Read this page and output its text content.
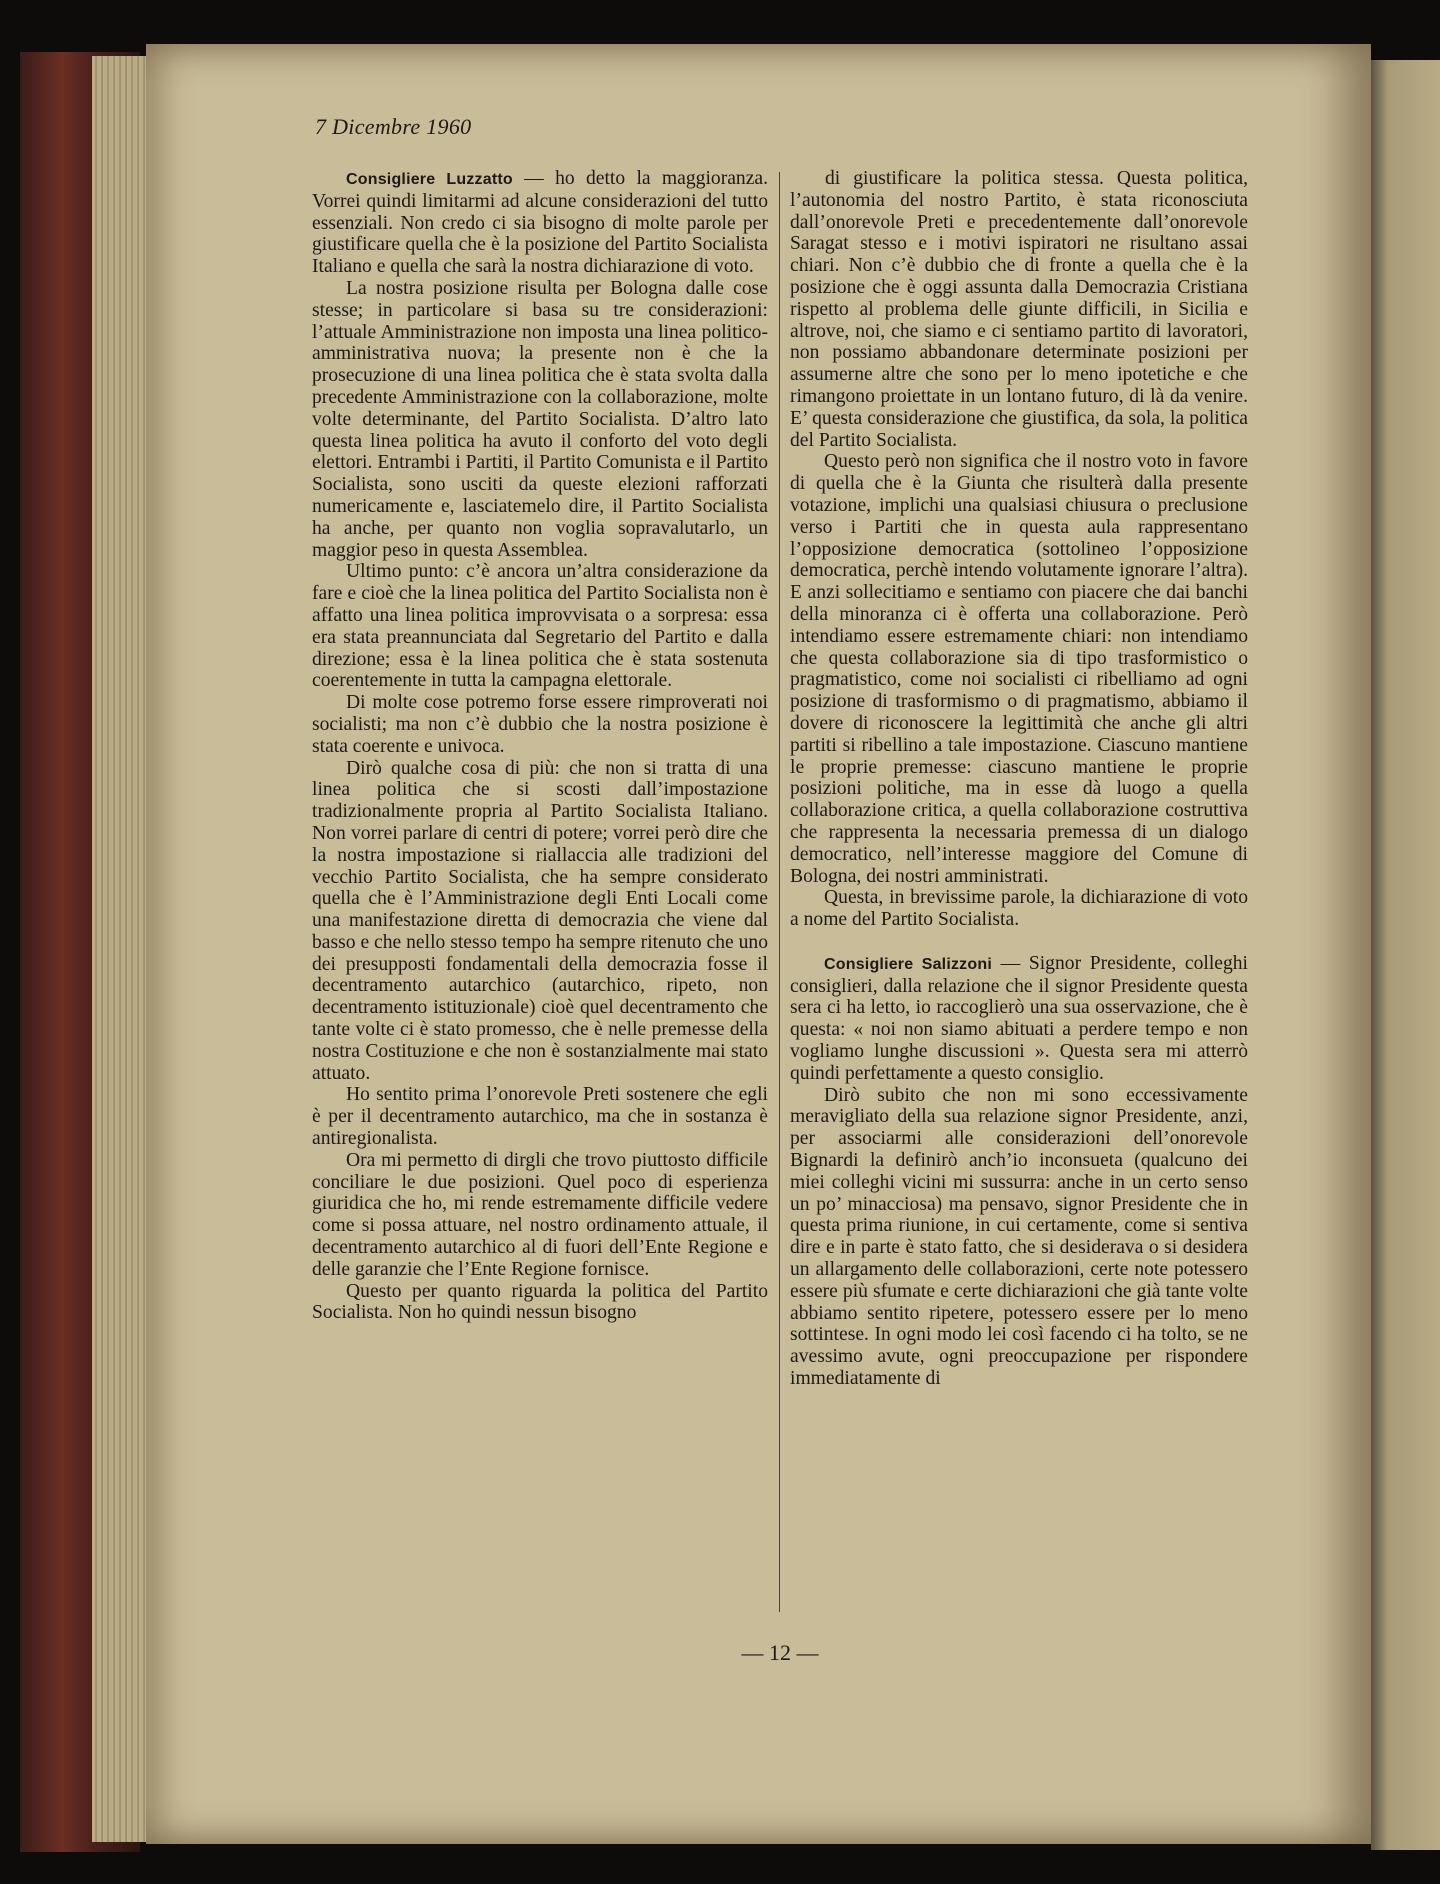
7 Dicembre 1960

Consigliere Luzzatto — ho detto la maggioranza. Vorrei quindi limitarmi ad alcune considerazioni del tutto essenziali. Non credo ci sia bisogno di molte parole per giustificare quella che è la posizione del Partito Socialista Italiano e quella che sarà la nostra dichiarazione di voto.

La nostra posizione risulta per Bologna dalle cose stesse; in particolare si basa su tre considerazioni: l’attuale Amministrazione non imposta una linea politico-amministrativa nuova; la presente non è che la prosecuzione di una linea politica che è stata svolta dalla precedente Amministrazione con la collaborazione, molte volte determinante, del Partito Socialista. D’altro lato questa linea politica ha avuto il conforto del voto degli elettori. Entrambi i Partiti, il Partito Comunista e il Partito Socialista, sono usciti da queste elezioni rafforzati numericamente e, lasciatemelo dire, il Partito Socialista ha anche, per quanto non voglia sopravalutarlo, un maggior peso in questa Assemblea.

Ultimo punto: c’è ancora un’altra considerazione da fare e cioè che la linea politica del Partito Socialista non è affatto una linea politica improvvisata o a sorpresa: essa era stata preannunciata dal Segretario del Partito e dalla direzione; essa è la linea politica che è stata sostenuta coerentemente in tutta la campagna elettorale.

Di molte cose potremo forse essere rimproverati noi socialisti; ma non c’è dubbio che la nostra posizione è stata coerente e univoca.

Dirò qualche cosa di più: che non si tratta di una linea politica che si scosti dall’impostazione tradizionalmente propria al Partito Socialista Italiano. Non vorrei parlare di centri di potere; vorrei però dire che la nostra impostazione si riallaccia alle tradizioni del vecchio Partito Socialista, che ha sempre considerato quella che è l’Amministrazione degli Enti Locali come una manifestazione diretta di democrazia che viene dal basso e che nello stesso tempo ha sempre ritenuto che uno dei presupposti fondamentali della democrazia fosse il decentramento autarchico (autarchico, ripeto, non decentramento istituzionale) cioè quel decentramento che tante volte ci è stato promesso, che è nelle premesse della nostra Costituzione e che non è sostanzialmente mai stato attuato.

Ho sentito prima l’onorevole Preti sostenere che egli è per il decentramento autarchico, ma che in sostanza è antiregionalista.

Ora mi permetto di dirgli che trovo piuttosto difficile conciliare le due posizioni. Quel poco di esperienza giuridica che ho, mi rende estremamente difficile vedere come si possa attuare, nel nostro ordinamento attuale, il decentramento autarchico al di fuori dell’Ente Regione e delle garanzie che l’Ente Regione fornisce.

Questo per quanto riguarda la politica del Partito Socialista. Non ho quindi nessun bisogno

di giustificare la politica stessa. Questa politica, l’autonomia del nostro Partito, è stata riconosciuta dall’onorevole Preti e precedentemente dall’onorevole Saragat stesso e i motivi ispiratori ne risultano assai chiari. Non c’è dubbio che di fronte a quella che è la posizione che è oggi assunta dalla Democrazia Cristiana rispetto al problema delle giunte difficili, in Sicilia e altrove, noi, che siamo e ci sentiamo partito di lavoratori, non possiamo abbandonare determinate posizioni per assumerne altre che sono per lo meno ipotetiche e che rimangono proiettate in un lontano futuro, di là da venire. E’ questa considerazione che giustifica, da sola, la politica del Partito Socialista.

Questo però non significa che il nostro voto in favore di quella che è la Giunta che risulterà dalla presente votazione, implichi una qualsiasi chiusura o preclusione verso i Partiti che in questa aula rappresentano l’opposizione democratica (sottolineo l’opposizione democratica, perchè intendo volutamente ignorare l’altra). E anzi sollecitiamo e sentiamo con piacere che dai banchi della minoranza ci è offerta una collaborazione. Però intendiamo essere estremamente chiari: non intendiamo che questa collaborazione sia di tipo trasformistico o pragmatistico, come noi socialisti ci ribelliamo ad ogni posizione di trasformismo o di pragmatismo, abbiamo il dovere di riconoscere la legittimità che anche gli altri partiti si ribellino a tale impostazione. Ciascuno mantiene le proprie premesse: ciascuno mantiene le proprie posizioni politiche, ma in esse dà luogo a quella collaborazione critica, a quella collaborazione costruttiva che rappresenta la necessaria premessa di un dialogo democratico, nell’interesse maggiore del Comune di Bologna, dei nostri amministrati.

Questa, in brevissime parole, la dichiarazione di voto a nome del Partito Socialista.

Consigliere Salizzoni — Signor Presidente, colleghi consiglieri, dalla relazione che il signor Presidente questa sera ci ha letto, io raccoglierò una sua osservazione, che è questa: « noi non siamo abituati a perdere tempo e non vogliamo lunghe discussioni ». Questa sera mi atterrò quindi perfettamente a questo consiglio.

Dirò subito che non mi sono eccessivamente meravigliato della sua relazione signor Presidente, anzi, per associarmi alle considerazioni dell’onorevole Bignardi la definirò anch’io inconsueta (qualcuno dei miei colleghi vicini mi sussurra: anche in un certo senso un po’ minacciosa) ma pensavo, signor Presidente che in questa prima riunione, in cui certamente, come si sentiva dire e in parte è stato fatto, che si desiderava o si desidera un allargamento delle collaborazioni, certe note potessero essere più sfumate e certe dichiarazioni che già tante volte abbiamo sentito ripetere, potessero essere per lo meno sottintese. In ogni modo lei così facendo ci ha tolto, se ne avessimo avute, ogni preoccupazione per rispondere immediatamente di

— 12 —
